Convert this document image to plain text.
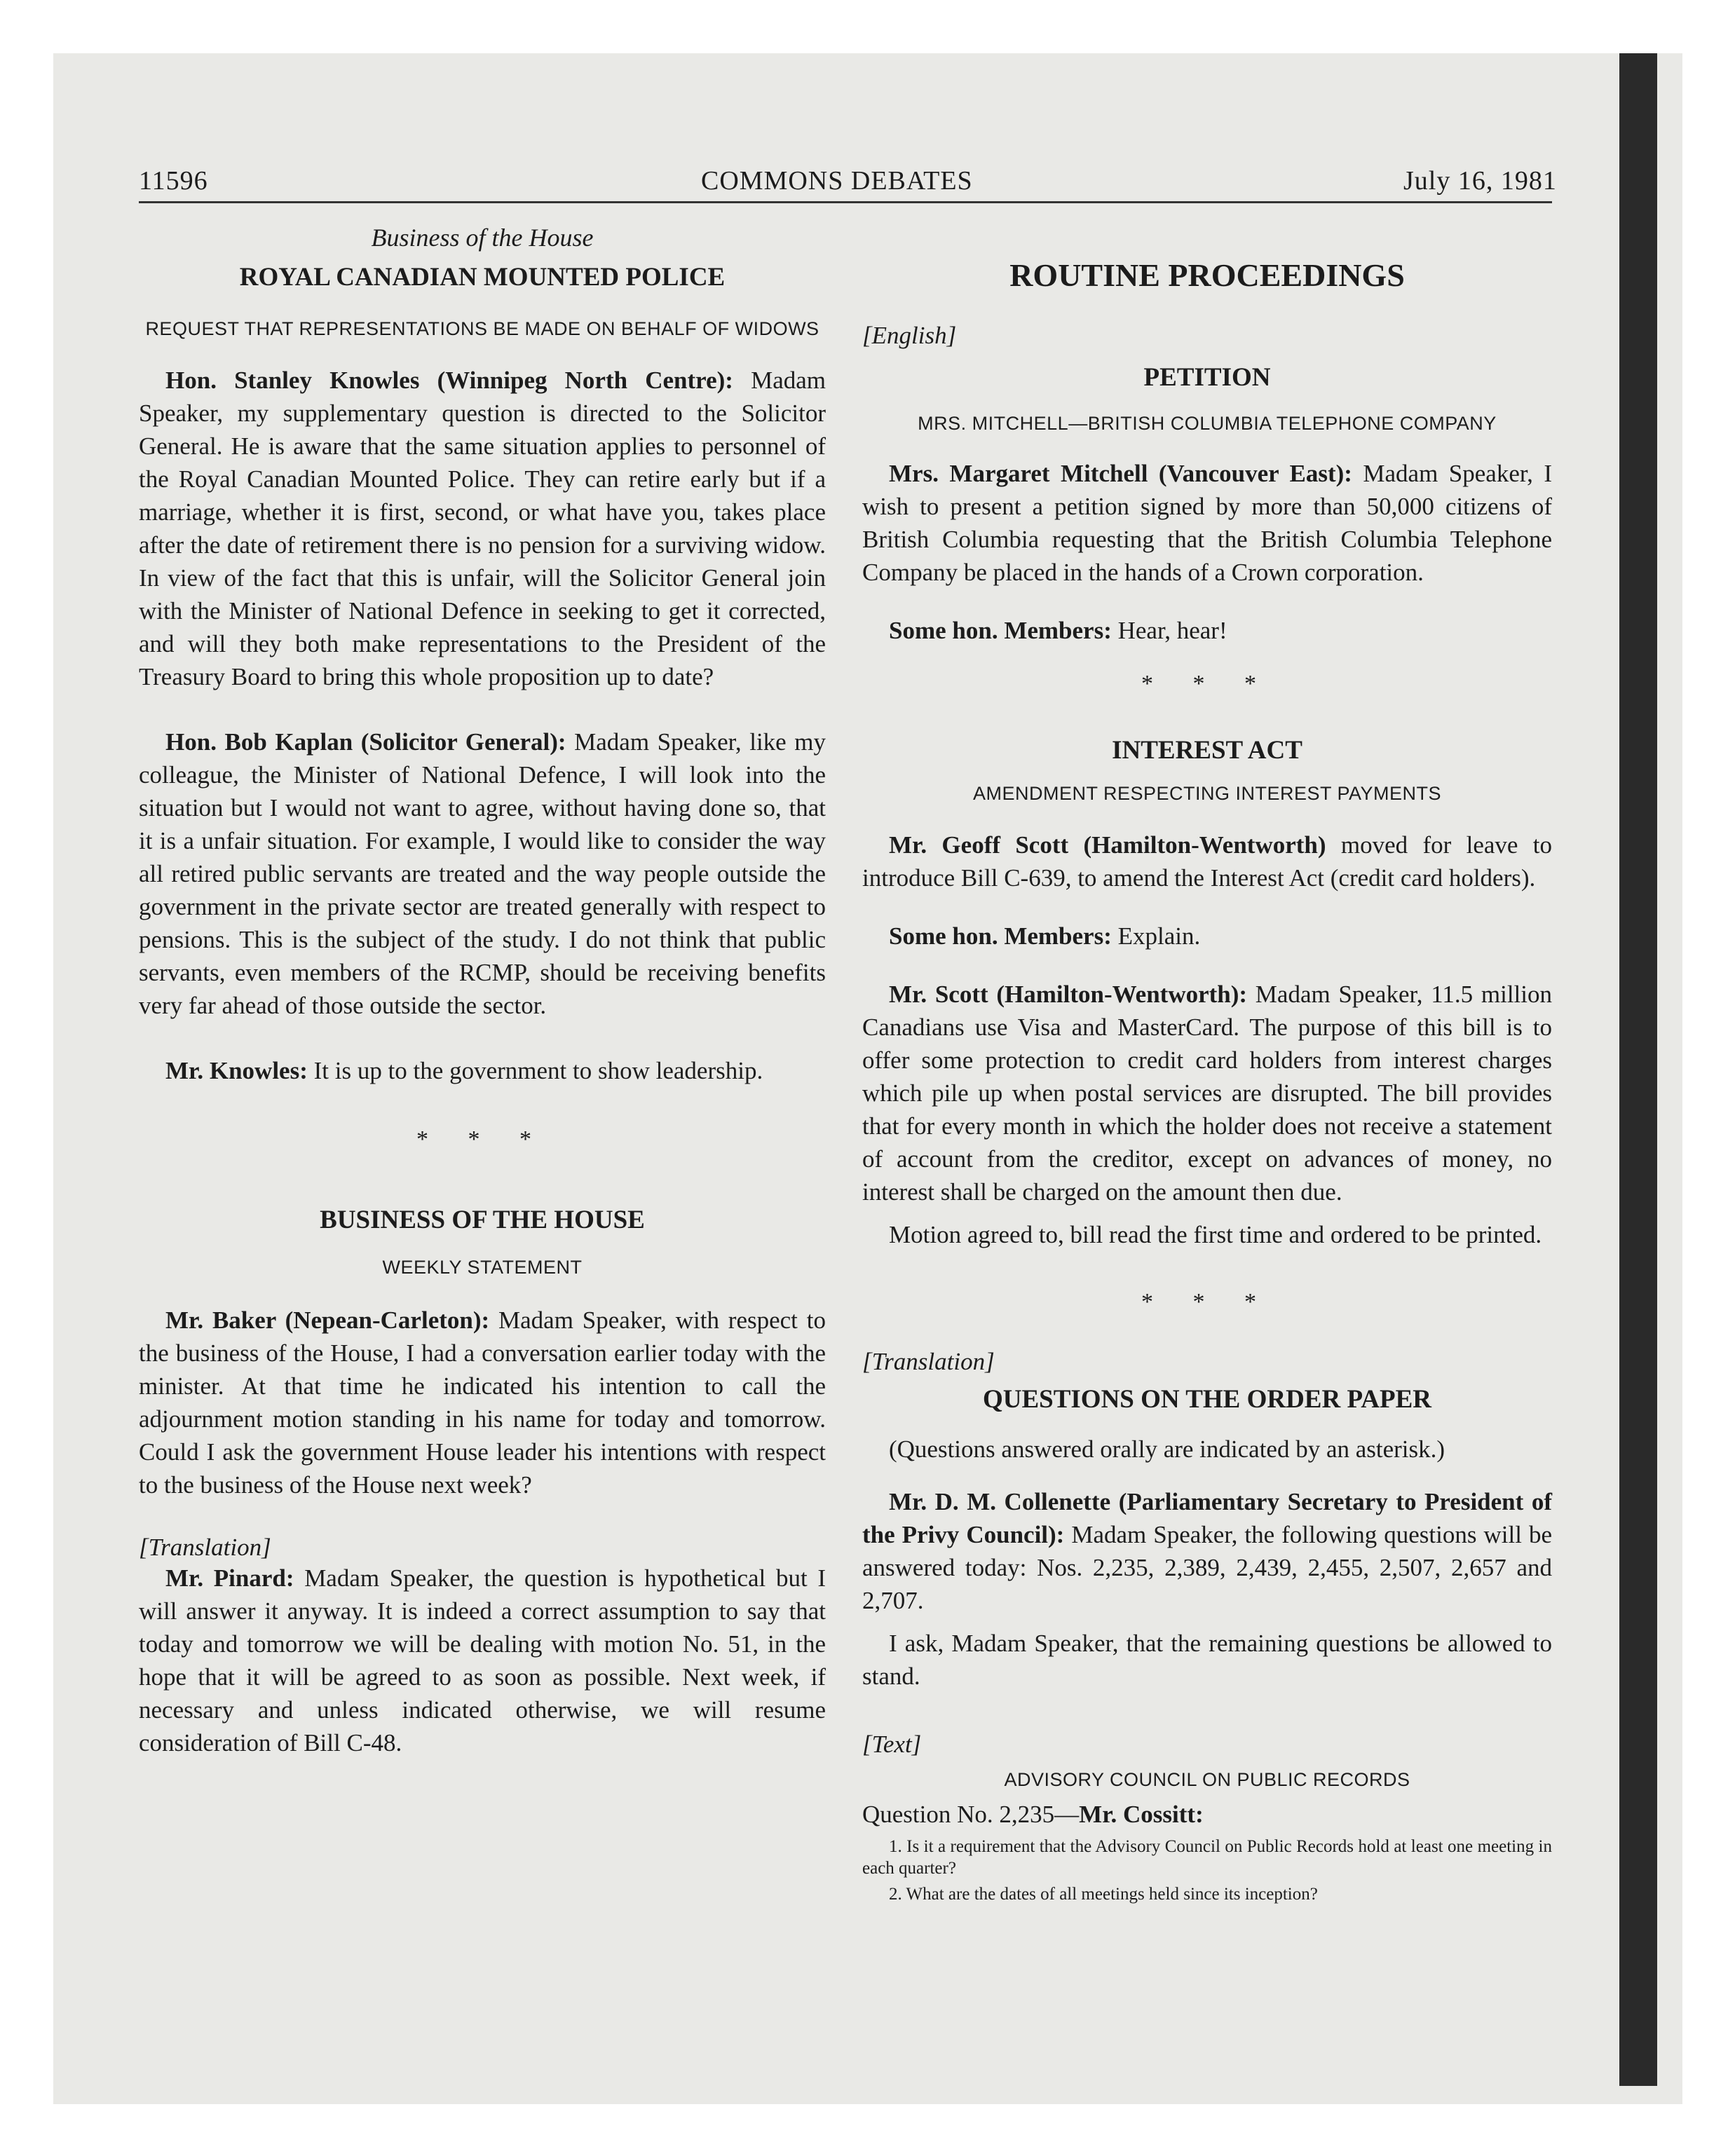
11596	COMMONS DEBATES	July 16, 1981
Business of the House
ROYAL CANADIAN MOUNTED POLICE
REQUEST THAT REPRESENTATIONS BE MADE ON BEHALF OF WIDOWS

Hon. Stanley Knowles (Winnipeg North Centre): Madam Speaker, my supplementary question is directed to the Solicitor General. He is aware that the same situation applies to personnel of the Royal Canadian Mounted Police. They can retire early but if a marriage, whether it is first, second, or what have you, takes place after the date of retirement there is no pension for a surviving widow. In view of the fact that this is unfair, will the Solicitor General join with the Minister of National Defence in seeking to get it corrected, and will they both make representations to the President of the Treasury Board to bring this whole proposition up to date?

Hon. Bob Kaplan (Solicitor General): Madam Speaker, like my colleague, the Minister of National Defence, I will look into the situation but I would not want to agree, without having done so, that it is a unfair situation. For example, I would like to consider the way all retired public servants are treated and the way people outside the government in the private sector are treated generally with respect to pensions. This is the subject of the study. I do not think that public servants, even members of the RCMP, should be receiving benefits very far ahead of those outside the sector.

Mr. Knowles: It is up to the government to show leadership.

* * *

BUSINESS OF THE HOUSE
WEEKLY STATEMENT

Mr. Baker (Nepean-Carleton): Madam Speaker, with respect to the business of the House, I had a conversation earlier today with the minister. At that time he indicated his intention to call the adjournment motion standing in his name for today and tomorrow. Could I ask the government House leader his intentions with respect to the business of the House next week?

[Translation]

Mr. Pinard: Madam Speaker, the question is hypothetical but I will answer it anyway. It is indeed a correct assumption to say that today and tomorrow we will be dealing with motion No. 51, in the hope that it will be agreed to as soon as possible. Next week, if necessary and unless indicated otherwise, we will resume consideration of Bill C-48.

ROUTINE PROCEEDINGS

[English]

PETITION
MRS. MITCHELL—BRITISH COLUMBIA TELEPHONE COMPANY

Mrs. Margaret Mitchell (Vancouver East): Madam Speaker, I wish to present a petition signed by more than 50,000 citizens of British Columbia requesting that the British Columbia Telephone Company be placed in the hands of a Crown corporation.

Some hon. Members: Hear, hear!

* * *

INTEREST ACT
AMENDMENT RESPECTING INTEREST PAYMENTS

Mr. Geoff Scott (Hamilton-Wentworth) moved for leave to introduce Bill C-639, to amend the Interest Act (credit card holders).

Some hon. Members: Explain.

Mr. Scott (Hamilton-Wentworth): Madam Speaker, 11.5 million Canadians use Visa and MasterCard. The purpose of this bill is to offer some protection to credit card holders from interest charges which pile up when postal services are disrupted. The bill provides that for every month in which the holder does not receive a statement of account from the creditor, except on advances of money, no interest shall be charged on the amount then due.

Motion agreed to, bill read the first time and ordered to be printed.

* * *

[Translation]

QUESTIONS ON THE ORDER PAPER

(Questions answered orally are indicated by an asterisk.)

Mr. D. M. Collenette (Parliamentary Secretary to President of the Privy Council): Madam Speaker, the following questions will be answered today: Nos. 2,235, 2,389, 2,439, 2,455, 2,507, 2,657 and 2,707.

I ask, Madam Speaker, that the remaining questions be allowed to stand.

[Text]

ADVISORY COUNCIL ON PUBLIC RECORDS

Question No. 2,235—Mr. Cossitt:

1. Is it a requirement that the Advisory Council on Public Records hold at least one meeting in each quarter?

2. What are the dates of all meetings held since its inception?
